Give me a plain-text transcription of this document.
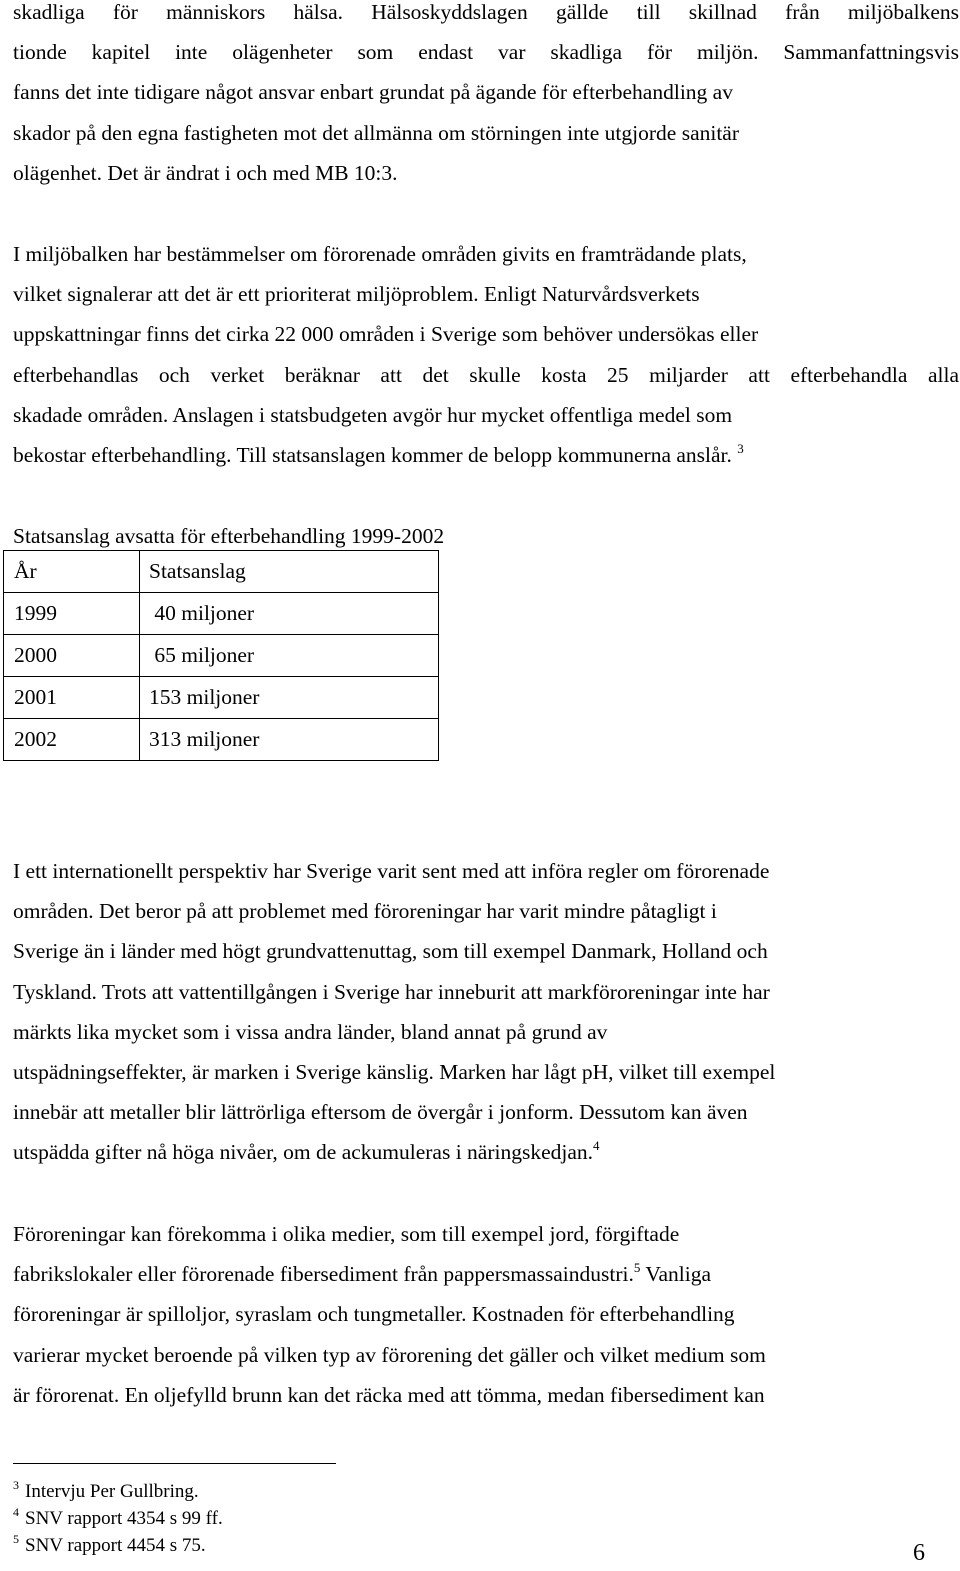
skadliga för människors hälsa. Hälsoskyddslagen gällde till skillnad från miljöbalkens
tionde kapitel inte olägenheter som endast var skadliga för miljön. Sammanfattningsvis
fanns det inte tidigare något ansvar enbart grundat på ägande för efterbehandling av
skador på den egna fastigheten mot det allmänna om störningen inte utgjorde sanitär
olägenhet. Det är ändrat i och med MB 10:3.

I miljöbalken har bestämmelser om förorenade områden givits en framträdande plats,
vilket signalerar att det är ett prioriterat miljöproblem. Enligt Naturvårdsverkets
uppskattningar finns det cirka 22 000 områden i Sverige som behöver undersökas eller
efterbehandlas och verket beräknar att det skulle kosta 25 miljarder att efterbehandla alla
skadade områden. Anslagen i statsbudgeten avgör hur mycket offentliga medel som
bekostar efterbehandling. Till statsanslagen kommer de belopp kommunerna anslår. $^3$

Statsanslag avsatta för efterbehandling 1999-2002
År	Statsanslag
1999	40 miljoner
2000	65 miljoner
2001	153 miljoner
2002	313 miljoner

I ett internationellt perspektiv har Sverige varit sent med att införa regler om förorenade
områden. Det beror på att problemet med föroreningar har varit mindre påtagligt i
Sverige än i länder med högt grundvattenuttag, som till exempel Danmark, Holland och
Tyskland. Trots att vattentillgången i Sverige har inneburit att markföroreningar inte har
märkts lika mycket som i vissa andra länder, bland annat på grund av
utspädningseffekter, är marken i Sverige känslig. Marken har lågt pH, vilket till exempel
innebär att metaller blir lättrörliga eftersom de övergår i jonform. Dessutom kan även
utspädda gifter nå höga nivåer, om de ackumuleras i näringskedjan.$^4$

Föroreningar kan förekomma i olika medier, som till exempel jord, förgiftade
fabrikslokaler eller förorenade fibersediment från pappersmassaindustri.$^5$ Vanliga
föroreningar är spilloljor, syraslam och tungmetaller. Kostnaden för efterbehandling
varierar mycket beroende på vilken typ av förorening det gäller och vilket medium som
är förorenat. En oljefylld brunn kan det räcka med att tömma, medan fibersediment kan

$^3$ Intervju Per Gullbring.
$^4$ SNV rapport 4354 s 99 ff.
$^5$ SNV rapport 4454 s 75.	6
